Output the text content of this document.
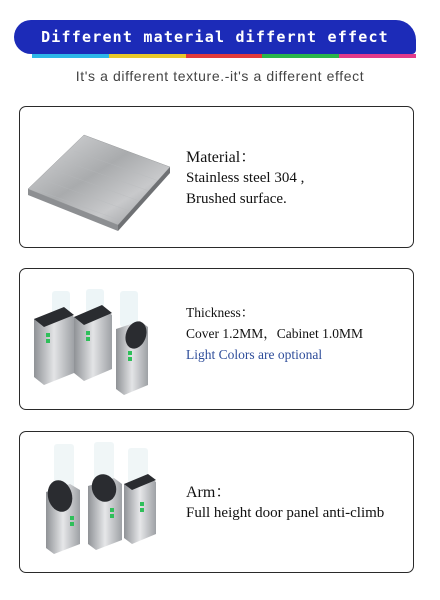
Different material differnt effect
It's a different texture.-it's a different effect
Material：
Stainless steel 304 ,
Brushed surface.
Thickness：
Cover 1.2MM，Cabinet 1.0MM
Light Colors are optional
Arm：
Full height door panel anti-climb
